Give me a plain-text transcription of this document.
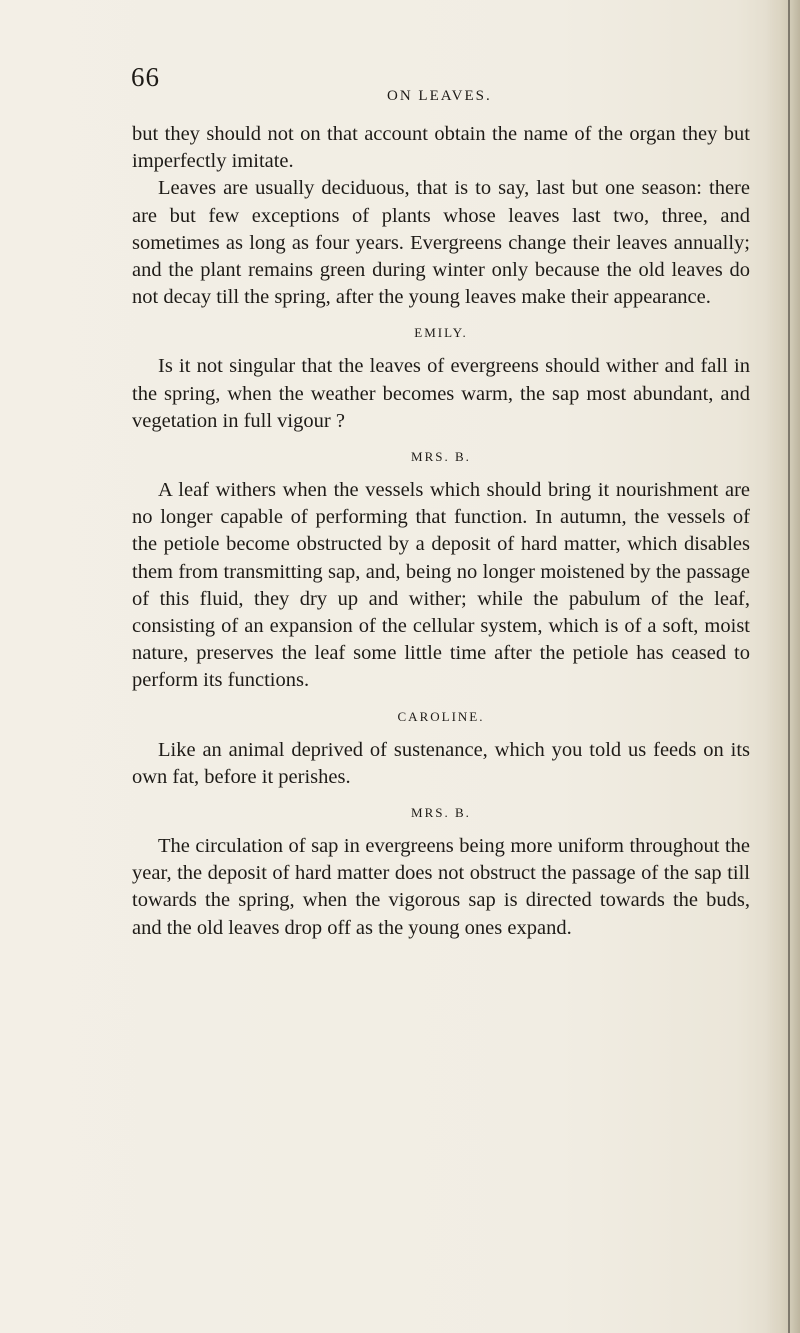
66
ON LEAVES.

but they should not on that account obtain the name of the organ they but imperfectly imitate.

Leaves are usually deciduous, that is to say, last but one season: there are but few exceptions of plants whose leaves last two, three, and sometimes as long as four years. Evergreens change their leaves annually; and the plant remains green during winter only because the old leaves do not decay till the spring, after the young leaves make their appearance.

EMILY.

Is it not singular that the leaves of evergreens should wither and fall in the spring, when the weather becomes warm, the sap most abundant, and vegetation in full vigour ?

MRS. B.

A leaf withers when the vessels which should bring it nourishment are no longer capable of performing that function. In autumn, the vessels of the petiole become obstructed by a deposit of hard matter, which disables them from transmitting sap, and, being no longer moistened by the passage of this fluid, they dry up and wither; while the pabulum of the leaf, consisting of an expansion of the cellular system, which is of a soft, moist nature, preserves the leaf some little time after the petiole has ceased to perform its functions.

CAROLINE.

Like an animal deprived of sustenance, which you told us feeds on its own fat, before it perishes.

MRS. B.

The circulation of sap in evergreens being more uniform throughout the year, the deposit of hard matter does not obstruct the passage of the sap till towards the spring, when the vigorous sap is directed towards the buds, and the old leaves drop off as the young ones expand.
